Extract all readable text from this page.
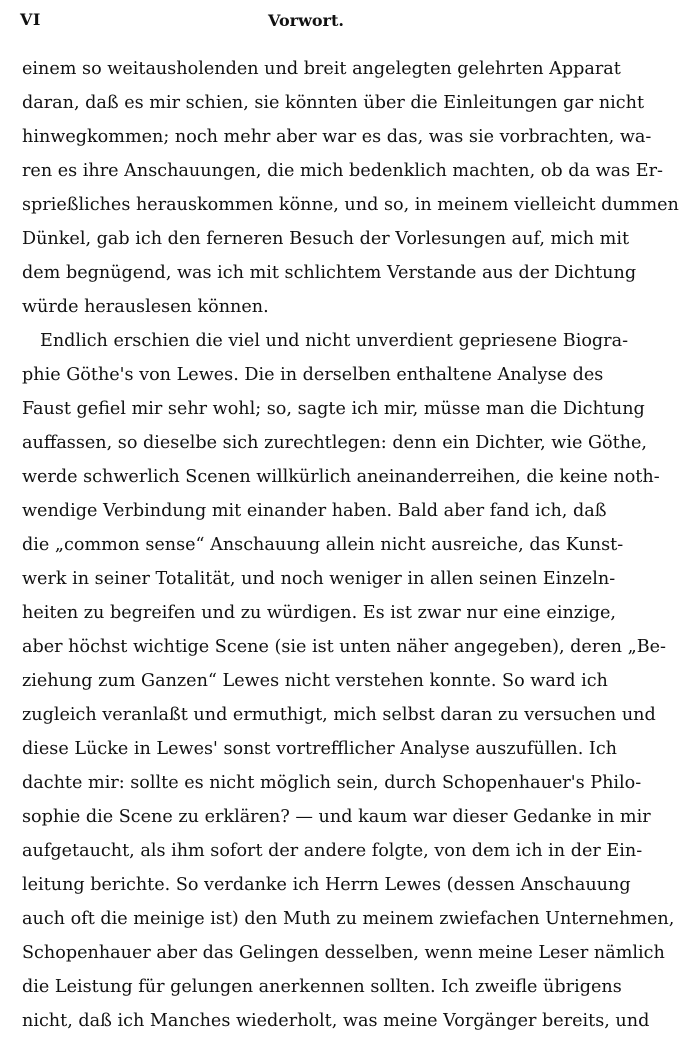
VI	Vorwort.
einem so weitausholenden und breit angelegten gelehrten Apparat
daran, daß es mir schien, sie könnten über die Einleitungen gar nicht
hinwegkommen; noch mehr aber war es das, was sie vorbrachten, wa-
ren es ihre Anschauungen, die mich bedenklich machten, ob da was Er-
sprießliches herauskommen könne, und so, in meinem vielleicht dummen
Dünkel, gab ich den ferneren Besuch der Vorlesungen auf, mich mit
dem begnügend, was ich mit schlichtem Verstande aus der Dichtung
würde herauslesen können.
Endlich erschien die viel und nicht unverdient gepriesene Biogra-
phie Göthe's von Lewes. Die in derselben enthaltene Analyse des
Faust gefiel mir sehr wohl; so, sagte ich mir, müsse man die Dichtung
auffassen, so dieselbe sich zurechtlegen: denn ein Dichter, wie Göthe,
werde schwerlich Scenen willkürlich aneinanderreihen, die keine noth-
wendige Verbindung mit einander haben. Bald aber fand ich, daß
die „common sense“ Anschauung allein nicht ausreiche, das Kunst-
werk in seiner Totalität, und noch weniger in allen seinen Einzeln-
heiten zu begreifen und zu würdigen. Es ist zwar nur eine einzige,
aber höchst wichtige Scene (sie ist unten näher angegeben), deren „Be-
ziehung zum Ganzen“ Lewes nicht verstehen konnte. So ward ich
zugleich veranlaßt und ermuthigt, mich selbst daran zu versuchen und
diese Lücke in Lewes' sonst vortrefflicher Analyse auszufüllen. Ich
dachte mir: sollte es nicht möglich sein, durch Schopenhauer's Philo-
sophie die Scene zu erklären? — und kaum war dieser Gedanke in mir
aufgetaucht, als ihm sofort der andere folgte, von dem ich in der Ein-
leitung berichte. So verdanke ich Herrn Lewes (dessen Anschauung
auch oft die meinige ist) den Muth zu meinem zwiefachen Unternehmen,
Schopenhauer aber das Gelingen desselben, wenn meine Leser nämlich
die Leistung für gelungen anerkennen sollten. Ich zweifle übrigens
nicht, daß ich Manches wiederholt, was meine Vorgänger bereits, und
